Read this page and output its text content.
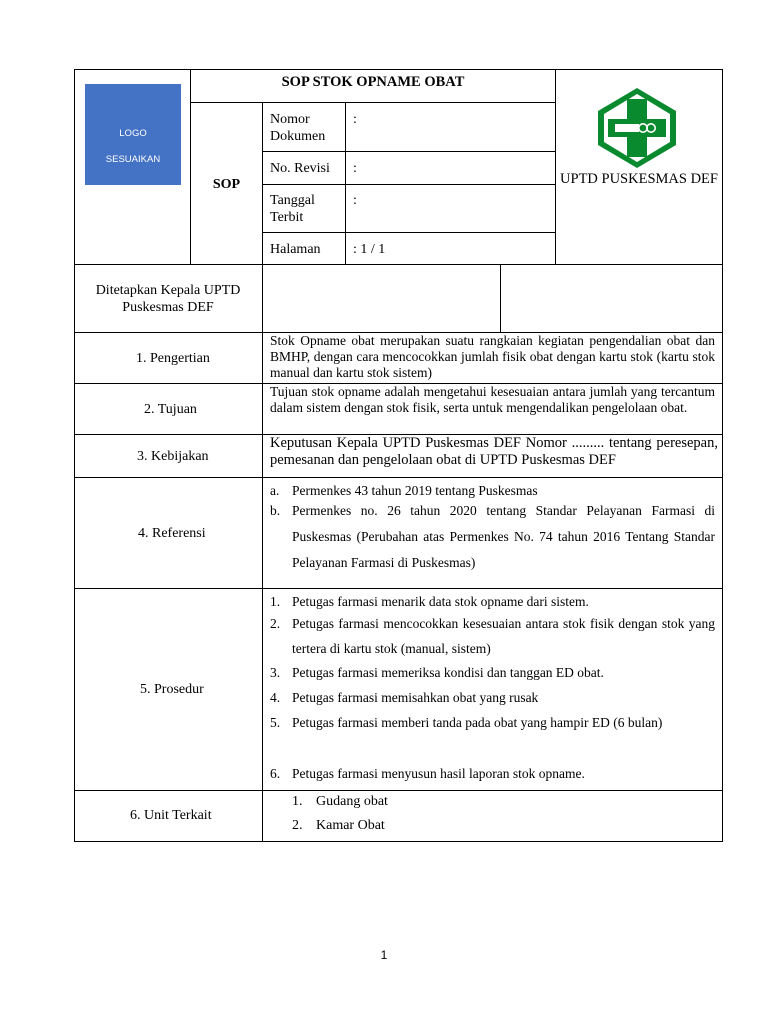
LOGO
SESUAIKAN
SOP STOK OPNAME OBAT
SOP
Nomor Dokumen
:
No. Revisi	:
Tanggal Terbit
:
Halaman	: 1 / 1
UPTD PUSKESMAS DEF
Ditetapkan Kepala UPTD Puskesmas DEF
1. Pengertian
Stok Opname obat merupakan suatu rangkaian kegiatan pengendalian obat dan BMHP, dengan cara mencocokkan jumlah fisik obat dengan kartu stok (kartu stok manual dan kartu stok sistem)
2. Tujuan
Tujuan stok opname adalah mengetahui kesesuaian antara jumlah yang tercantum dalam sistem dengan stok fisik, serta untuk mengendalikan pengelolaan obat.
3. Kebijakan
Keputusan Kepala UPTD Puskesmas DEF Nomor ......... tentang peresepan, pemesanan dan pengelolaan obat di UPTD Puskesmas DEF
4. Referensi
a. Permenkes 43 tahun 2019 tentang Puskesmas
b. Permenkes no. 26 tahun 2020 tentang Standar Pelayanan Farmasi di Puskesmas (Perubahan atas Permenkes No. 74 tahun 2016 Tentang Standar Pelayanan Farmasi di Puskesmas)
5. Prosedur
1. Petugas farmasi menarik data stok opname dari sistem.
2. Petugas farmasi mencocokkan kesesuaian antara stok fisik dengan stok yang tertera di kartu stok (manual, sistem)
3. Petugas farmasi memeriksa kondisi dan tanggan ED obat.
4. Petugas farmasi memisahkan obat yang rusak
5. Petugas farmasi memberi tanda pada obat yang hampir ED (6 bulan)
6. Petugas farmasi menyusun hasil laporan stok opname.
6. Unit Terkait
1. Gudang obat
2. Kamar Obat
1
